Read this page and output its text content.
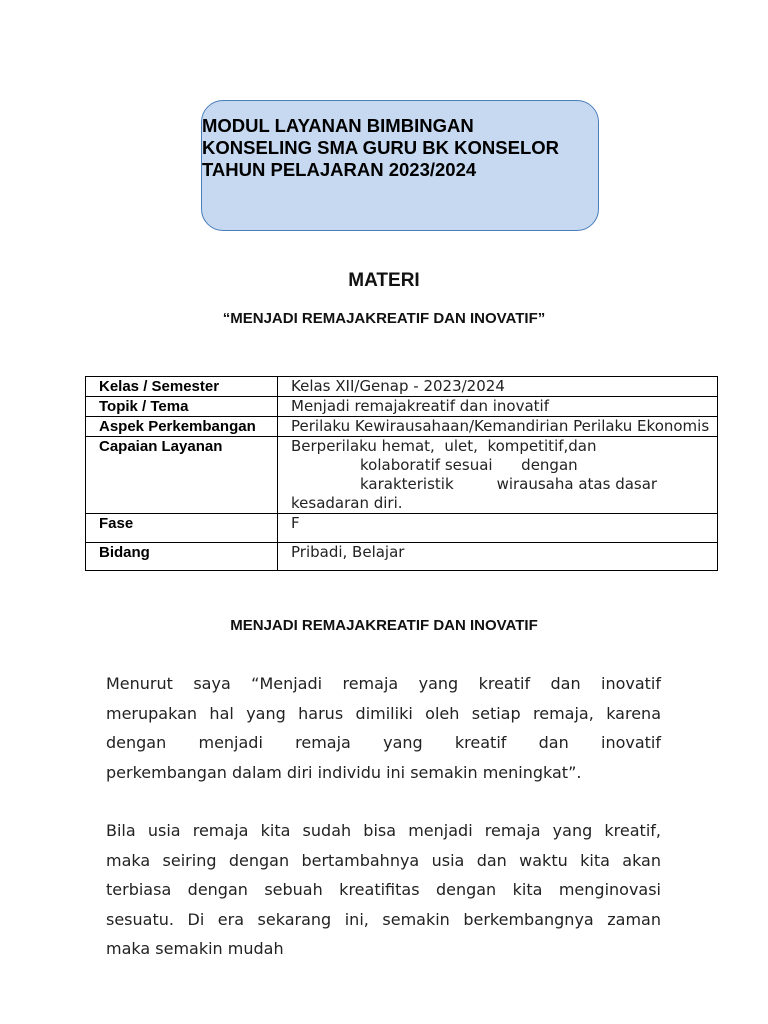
MODUL LAYANAN BIMBINGAN
KONSELING SMA GURU BK KONSELOR
TAHUN PELAJARAN 2023/2024
MATERI
“MENJADI REMAJAKREATIF DAN INOVATIF”
Kelas / Semester	Kelas XII/Genap - 2023/2024
Topik / Tema	Menjadi remajakreatif dan inovatif
Aspek Perkembangan	Perilaku Kewirausahaan/Kemandirian Perilaku Ekonomis
Capaian Layanan	Berperilaku hemat,  ulet,  kompetitif,dan
kolaboratif sesuai      dengan
karakteristik         wirausaha atas dasar
kesadaran diri.

Fase	F
Bidang	Pribadi, Belajar
MENJADI REMAJAKREATIF DAN INOVATIF
Menurut saya “Menjadi remaja yang kreatif dan inovatif
merupakan hal yang harus dimiliki oleh setiap remaja, karena
dengan menjadi remaja yang kreatif dan inovatif
perkembangan dalam diri individu ini semakin meningkat”.
Bila usia remaja kita sudah bisa menjadi remaja yang kreatif,
maka seiring dengan bertambahnya usia dan waktu kita akan
terbiasa dengan sebuah kreatifitas dengan kita menginovasi
sesuatu. Di era sekarang ini, semakin berkembangnya zaman
maka semakin mudah
